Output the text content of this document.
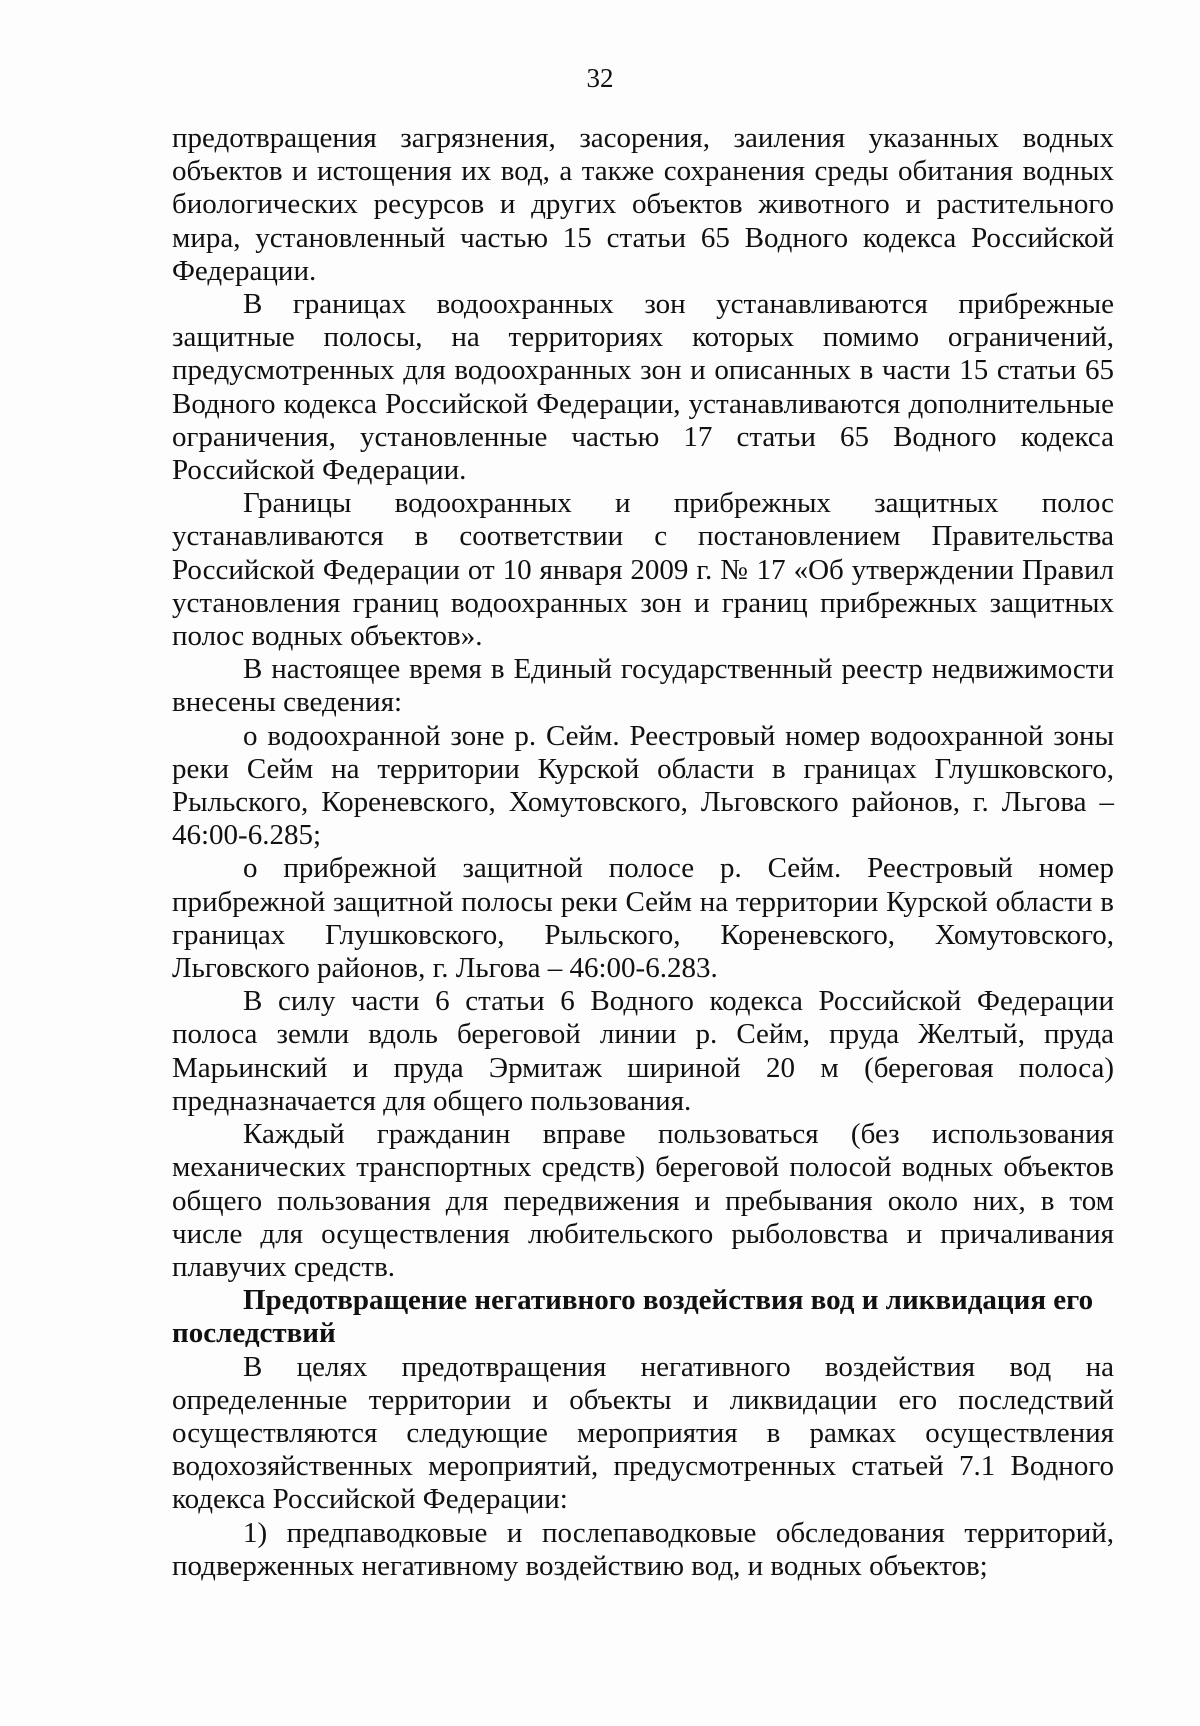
32

предотвращения загрязнения, засорения, заиления указанных водных объектов и истощения их вод, а также сохранения среды обитания водных биологических ресурсов и других объектов животного и растительного мира, установленный частью 15 статьи 65 Водного кодекса Российской Федерации.

В границах водоохранных зон устанавливаются прибрежные защитные полосы, на территориях которых помимо ограничений, предусмотренных для водоохранных зон и описанных в части 15 статьи 65 Водного кодекса Российской Федерации, устанавливаются дополнительные ограничения, установленные частью 17 статьи 65 Водного кодекса Российской Федерации.

Границы водоохранных и прибрежных защитных полос устанавливаются в соответствии с постановлением Правительства Российской Федерации от 10 января 2009 г. № 17 «Об утверждении Правил установления границ водоохранных зон и границ прибрежных защитных полос водных объектов».

В настоящее время в Единый государственный реестр недвижимости внесены сведения:

о водоохранной зоне р. Сейм. Реестровый номер водоохранной зоны реки Сейм на территории Курской области в границах Глушковского, Рыльского, Кореневского, Хомутовского, Льговского районов, г. Льгова – 46:00-6.285;

о прибрежной защитной полосе р. Сейм. Реестровый номер прибрежной защитной полосы реки Сейм на территории Курской области в границах Глушковского, Рыльского, Кореневского, Хомутовского, Льговского районов, г. Льгова – 46:00-6.283.

В силу части 6 статьи 6 Водного кодекса Российской Федерации полоса земли вдоль береговой линии р. Сейм, пруда Желтый, пруда Марьинский и пруда Эрмитаж шириной 20 м (береговая полоса) предназначается для общего пользования.

Каждый гражданин вправе пользоваться (без использования механических транспортных средств) береговой полосой водных объектов общего пользования для передвижения и пребывания около них, в том числе для осуществления любительского рыболовства и причаливания плавучих средств.

Предотвращение негативного воздействия вод и ликвидация его последствий

В целях предотвращения негативного воздействия вод на определенные территории и объекты и ликвидации его последствий осуществляются следующие мероприятия в рамках осуществления водохозяйственных мероприятий, предусмотренных статьей 7.1 Водного кодекса Российской Федерации:

1) предпаводковые и послепаводковые обследования территорий, подверженных негативному воздействию вод, и водных объектов;
